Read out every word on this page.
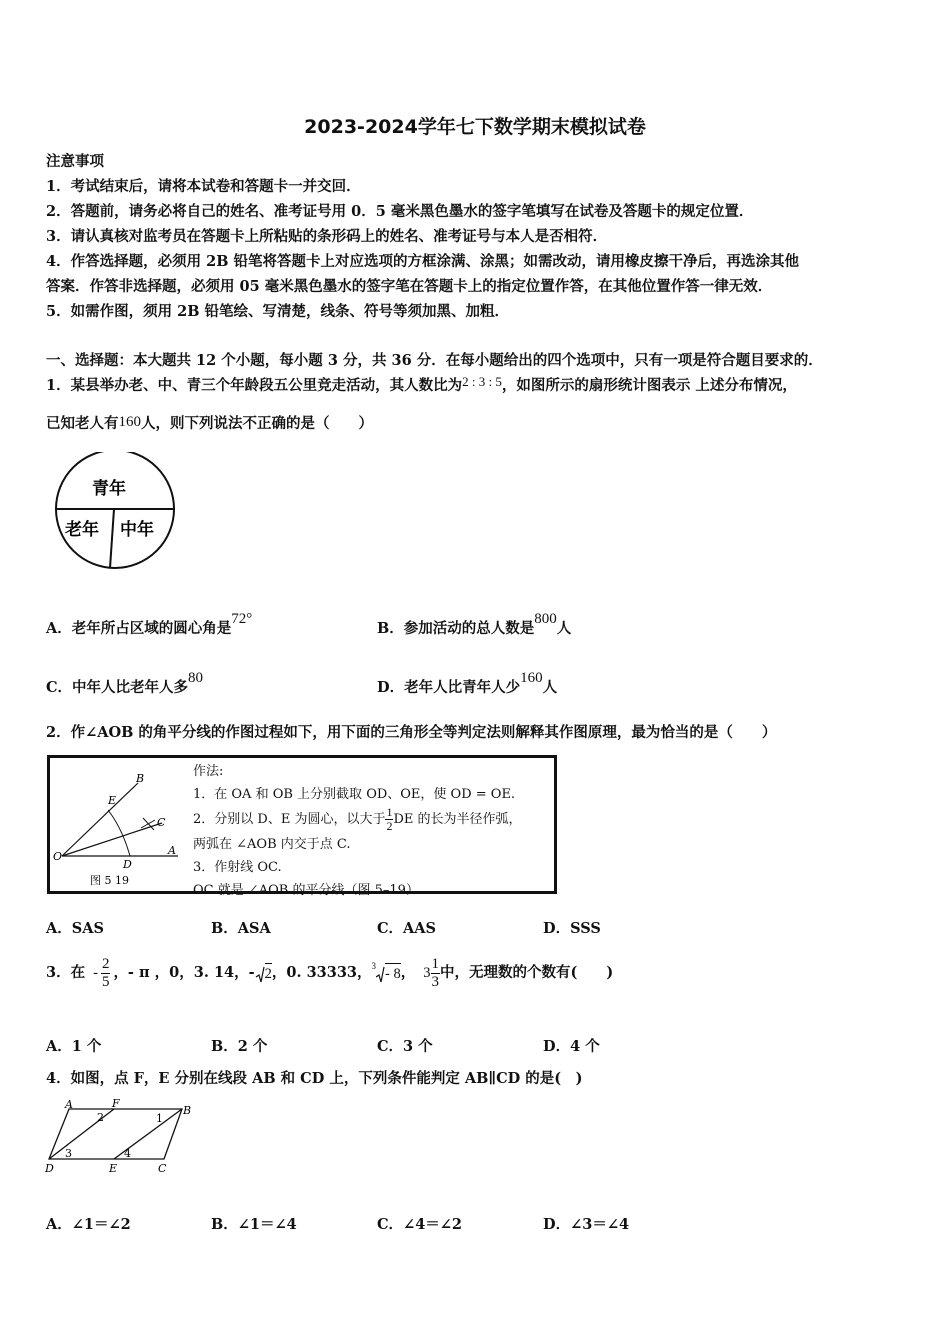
2023-2024学年七下数学期末模拟试卷
注意事项
1．考试结束后，请将本试卷和答题卡一并交回．
2．答题前，请务必将自己的姓名、准考证号用 0．5 毫米黑色墨水的签字笔填写在试卷及答题卡的规定位置．
3．请认真核对监考员在答题卡上所粘贴的条形码上的姓名、准考证号与本人是否相符．
4．作答选择题，必须用 2B 铅笔将答题卡上对应选项的方框涂满、涂黑；如需改动，请用橡皮擦干净后，再选涂其他
答案．作答非选择题，必须用 05 毫米黑色墨水的签字笔在答题卡上的指定位置作答，在其他位置作答一律无效．
5．如需作图，须用 2B 铅笔绘、写清楚，线条、符号等须加黑、加粗．
一、选择题：本大题共 12 个小题，每小题 3 分，共 36 分．在每小题给出的四个选项中，只有一项是符合题目要求的．
1．某县举办老、中、青三个年龄段五公里竞走活动，其人数比为2 : 3 : 5，如图所示的扇形统计图表示 上述分布情况，
已知老人有160人，则下列说法不正确的是（　　）
青年
老年 中年
A．老年所占区域的圆心角是72°
B．参加活动的总人数是800人
C．中年人比老年人多80
D．老年人比青年人少160人
2．作∠AOB 的角平分线的作图过程如下，用下面的三角形全等判定法则解释其作图原理，最为恰当的是（　　）
O	A
B
E
D
C
图 5 19
作法:
1．在 OA 和 OB 上分别截取 OD、OE，使 OD = OE.
2．分别以 D、E 为圆心，以大于 $\frac{1}{2}$ DE 的长为半径作弧，
两弧在 ∠AOB 内交于点 C.
3．作射线 OC.
OC 就是 ∠AOB 的平分线（图 5–19）.
A．SAS	B．ASA	C．AAS	D．SSS
3．在 - $\frac{2}{5}$ ，- π ，0，3. 14，- 2 ，0. 33333，$^3$ - 8 ， $3 \frac{1}{3}$ 中，无理数的个数有(　　)
A．1 个	B．2 个	C．3 个	D．4 个
4．如图，点 F，E 分别在线段 AB 和 CD 上，下列条件能判定 AB∥CD 的是(　)
A	F
B
D	E	C
1
2
3	4
A．∠1＝∠2	B．∠1＝∠4	C．∠4＝∠2	D．∠3＝∠4
